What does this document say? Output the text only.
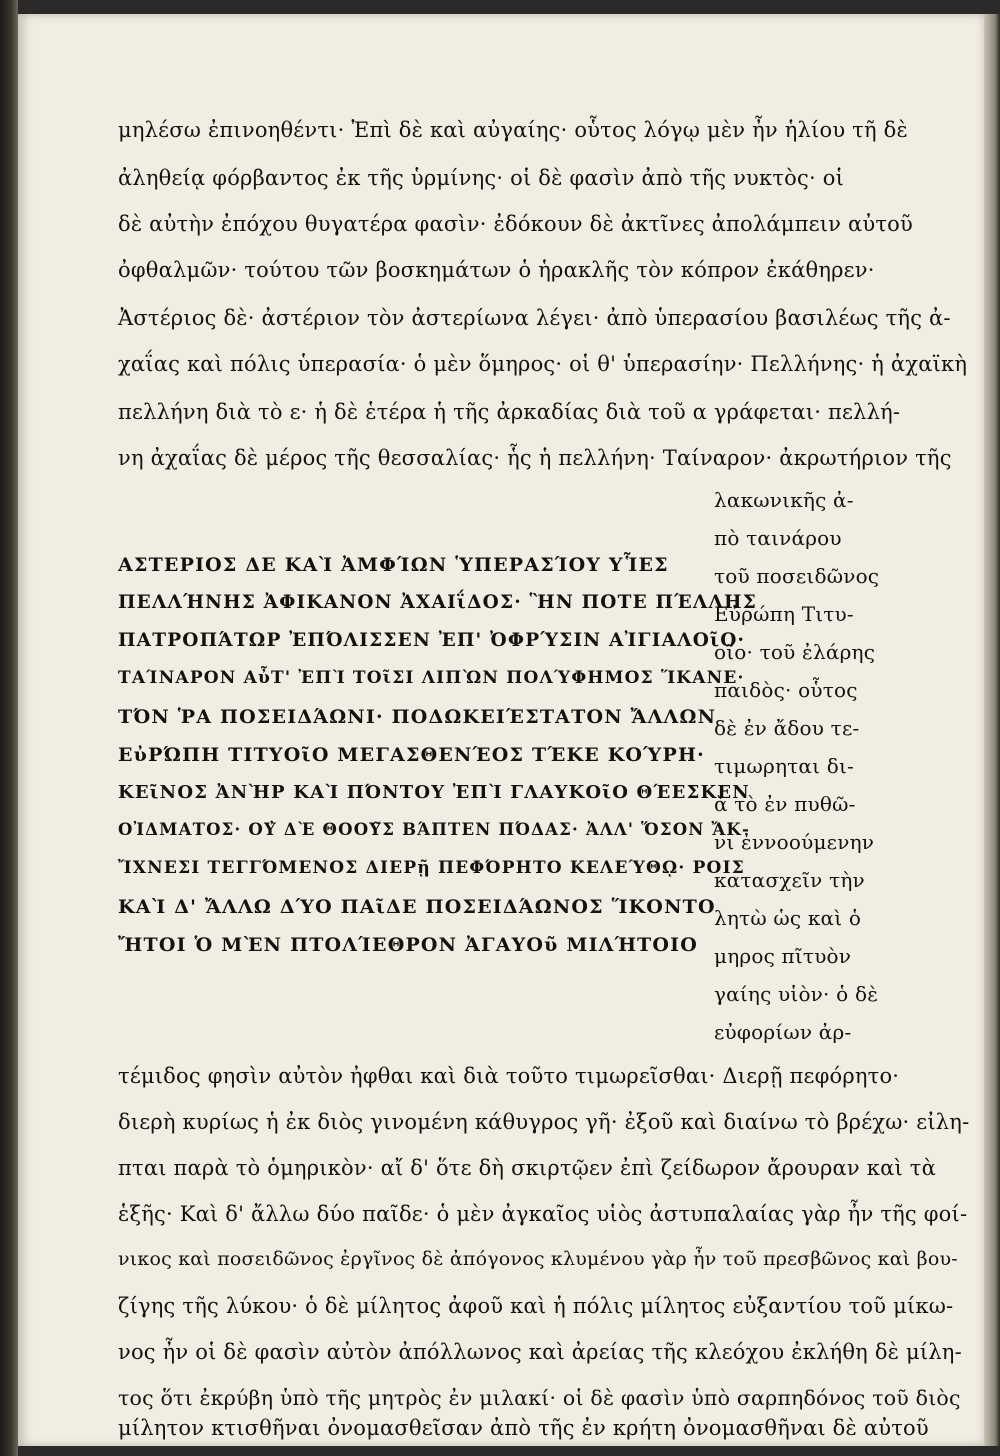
μηλέσω ἐπινοηθέντι· Ἐπὶ δὲ καὶ αὐγαίης· οὗτος λόγῳ μὲν ἦν ἡλίου τῆ δὲ
ἀληθείᾳ φόρβαντος ἐκ τῆς ὑρμίνης· οἱ δὲ φασὶν ἀπὸ τῆς νυκτὸς· οἱ
δὲ αὐτὴν ἐπόχου θυγατέρα φασὶν· ἐδόκουν δὲ ἀκτῖνες ἀπολάμπειν αὐτοῦ
ὀφθαλμῶν· τούτου τῶν βοσκημάτων ὁ ἡρακλῆς τὸν κόπρον ἐκάθηρεν·
Ἀστέριος δὲ· ἀστέριον τὸν ἀστερίωνα λέγει· ἀπὸ ὑπερασίου βασιλέως τῆς ἀ-
χαΐας καὶ πόλις ὑπερασία· ὁ μὲν ὅμηρος· οἱ θ' ὑπερασίην· Πελλήνης· ἡ ἀχαϊκὴ
πελλήνη διὰ τὸ ε· ἡ δὲ ἑτέρα ἡ τῆς ἀρκαδίας διὰ τοῦ α γράφεται· πελλή-
νη ἀχαΐας δὲ μέρος τῆς θεσσαλίας· ἧς ἡ πελλήνη· Ταίναρον· ἀκρωτήριον τῆς
ΑΣΤΕΡΙΟΣ ΔΕ ΚΑῚ ἈΜΦΊΩΝ ὙΠΕΡΑΣΊΟΥ ΥἿΕΣ
ΠΕΛΛΉΝΗΣ ἈΦΙΚΑΝΟΝ ἈΧΑΙΐΔΟΣ· ἫΝ ΠΟΤΕ ΠΈΛΛΗΣ
ΠΑΤΡΟΠΆΤΩΡ ἘΠΌΛΙΣΣΕΝ ἘΠ' ὈΦΡΎΣΙΝ ΑἸΓΙΑΛΟῖΟ·
ΤΑΊΝΑΡΟΝ ΑὖΤ' ἘΠῚ ΤΟῖΣΙ ΛΙΠῺΝ ΠΟΛΎΦΗΜΟΣ ἽΚΑΝΕ·
ΤΌΝ ῬΑ ΠΟΣΕΙΔΆΩΝΙ· ΠΟΔΩΚΕΙΈΣΤΑΤΟΝ ἌΛΛΩΝ
ΕὐΡΏΠΗ ΤΙΤΥΟῖΟ ΜΕΓΑΣΘΕΝΈΟΣ ΤΈΚΕ ΚΟΎΡΗ·
ΚΕῖΝΟΣ ἈΝῊΡ ΚΑῚ ΠΌΝΤΟΥ ἘΠῚ ΓΛΑΥΚΟῖΟ ΘΈΕΣΚΕΝ
ΟἸΔΜΑΤΟΣ· ΟΥ̓ ΔῈ ΘΟΟΥ̃Σ ΒΆΠΤΕΝ ΠΌΔΑΣ· ἈΛΛ' ὍΣΟΝ ἌΚ-
ἼΧΝΕΣΙ ΤΕΓΓΌΜΕΝΟΣ ΔΙΕΡῇ ΠΕΦΌΡΗΤΟ ΚΕΛΕΎΘῼ· ΡΟΙΣ
ΚΑῚ Δ' ἌΛΛΩ ΔΎΟ ΠΑῖΔΕ ΠΟΣΕΙΔΆΩΝΟΣ ἽΚΟΝΤΟ
ἬΤΟΙ Ὁ ΜῈΝ ΠΤΟΛΊΕΘΡΟΝ ἈΓΑΥΟῦ ΜΙΛΉΤΟΙΟ
λακωνικῆς ἀ-
πὸ ταινάρου
τοῦ ποσειδῶνος
Εὐρώπη Τιτυ-
οῖο· τοῦ ἐλάρης
παιδὸς· οὗτος
δὲ ἐν ἄδου τε-
τιμωρηται δι-
ὰ τὸ ἐν πυθῶ-
νι ἐννοούμενην
κατασχεῖν τὴν
λητὼ ὡς καὶ ὁ
μηρος πῖτυὸν
γαίης υἱὸν· ὁ δὲ
εὐφορίων ἀρ-
τέμιδος φησὶν αὐτὸν ἠφθαι καὶ διὰ τοῦτο τιμωρεῖσθαι· Διερῇ πεφόρητο·
διερὴ κυρίως ἡ ἐκ διὸς γινομένη κάθυγρος γῆ· ἐξοῦ καὶ διαίνω τὸ βρέχω· εἰλη-
πται παρὰ τὸ ὁμηρικὸν· αἴ δ' ὅτε δὴ σκιρτῷεν ἐπὶ ζείδωρον ἄρουραν καὶ τὰ
ἑξῆς· Καὶ δ' ἄλλω δύο παῖδε· ὁ μὲν ἀγκαῖος υἱὸς ἀστυπαλαίας γὰρ ἦν τῆς φοί-
νικος καὶ ποσειδῶνος ἐργῖνος δὲ ἀπόγονος κλυμένου γὰρ ἦν τοῦ πρεσβῶνος καὶ βου-
ζίγης τῆς λύκου· ὁ δὲ μίλητος ἀφοῦ καὶ ἡ πόλις μίλητος εὐξαντίου τοῦ μίκω-
νος ἦν οἱ δὲ φασὶν αὐτὸν ἀπόλλωνος καὶ ἀρείας τῆς κλεόχου ἐκλήθη δὲ μίλη-
τος ὅτι ἐκρύβη ὑπὸ τῆς μητρὸς ἐν μιλακί· οἱ δὲ φασὶν ὑπὸ σαρπηδόνος τοῦ διὸς
μίλητον κτισθῆναι ὀνομασθεῖσαν ἀπὸ τῆς ἐν κρήτη ὀνομασθῆναι δὲ αὐτοῦ
